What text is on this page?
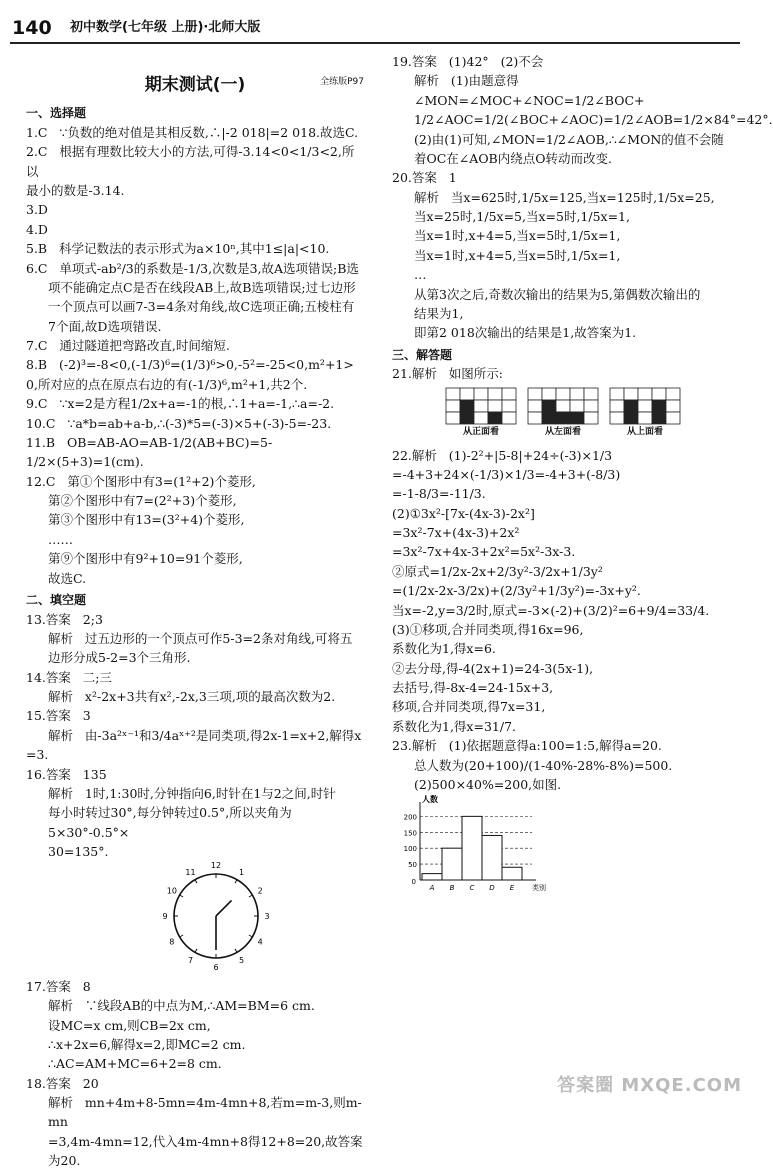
140 初中数学(七年级 上册)·北师大版
期末测试(一)	全练版P97
一、选择题
1.C   ∵负数的绝对值是其相反数,∴|-2 018|=2 018.故选C.
2.C   根据有理数比较大小的方法,可得-3.14<0<1/3<2,所以
最小的数是-3.14.
3.D
4.D
5.B   科学记数法的表示形式为a×10ⁿ,其中1≤|a|<10.
6.C   单项式-ab²/3的系数是-1/3,次数是3,故A选项错误;B选
项不能确定点C是否在线段AB上,故B选项错误;过七边形
一个顶点可以画7-3=4条对角线,故C选项正确;五棱柱有
7个面,故D选项错误.
7.C   通过隧道把弯路改直,时间缩短.
8.B   (-2)³=-8<0,(-1/3)⁶=(1/3)⁶>0,-5²=-25<0,m²+1>
0,所对应的点在原点右边的有(-1/3)⁶,m²+1,共2个.
9.C   ∵x=2是方程1/2x+a=-1的根,∴1+a=-1,∴a=-2.
10.C   ∵a*b=ab+a-b,∴(-3)*5=(-3)×5+(-3)-5=-23.
11.B   OB=AB-AO=AB-1/2(AB+BC)=5-1/2×(5+3)=1(cm).
12.C   第①个图形中有3=(1²+2)个菱形,
第②个图形中有7=(2²+3)个菱形,
第③个图形中有13=(3²+4)个菱形,
……
第⑨个图形中有9²+10=91个菱形,
故选C.
二、填空题
13.答案   2;3
解析   过五边形的一个顶点可作5-3=2条对角线,可将五
边形分成5-2=3个三角形.
14.答案   二;三
解析   x²-2x+3共有x²,-2x,3三项,项的最高次数为2.
15.答案   3
解析   由-3a²ˣ⁻¹和3/4aˣ⁺²是同类项,得2x-1=x+2,解得x
=3.
16.答案   135
解析   1时,1:30时,分钟指向6,时针在1与2之间,时针
每小时转过30°,每分钟转过0.5°,所以夹角为5×30°-0.5°×
30=135°.
12
1
2
3
4
5
6
7
8
9
10
11
17.答案   8
解析   ∵线段AB的中点为M,∴AM=BM=6 cm.
设MC=x cm,则CB=2x cm,
∴x+2x=6,解得x=2,即MC=2 cm.
∴AC=AM+MC=6+2=8 cm.
18.答案   20
解析   mn+4m+8-5mn=4m-4mn+8,若m=m-3,则m-mn
=3,4m-4mn=12,代入4m-4mn+8得12+8=20,故答案
为20.
19.答案   (1)42°   (2)不会
解析   (1)由题意得∠MON=∠MOC+∠NOC=1/2∠BOC+
1/2∠AOC=1/2(∠BOC+∠AOC)=1/2∠AOB=1/2×84°=42°.
(2)由(1)可知,∠MON=1/2∠AOB,∴∠MON的值不会随
着OC在∠AOB内绕点O转动而改变.
20.答案   1
解析   当x=625时,1/5x=125,当x=125时,1/5x=25,
当x=25时,1/5x=5,当x=5时,1/5x=1,
当x=1时,x+4=5,当x=5时,1/5x=1,
当x=1时,x+4=5,当x=5时,1/5x=1,
…
从第3次之后,奇数次输出的结果为5,第偶数次输出的
结果为1,
即第2 018次输出的结果是1,故答案为1.
三、解答题
21.解析   如图所示:
从正面看	从左面看	从上面看
22.解析   (1)-2²+|5-8|+24÷(-3)×1/3
=-4+3+24×(-1/3)×1/3=-4+3+(-8/3)
=-1-8/3=-11/3.
(2)①3x²-[7x-(4x-3)-2x²]
=3x²-7x+(4x-3)+2x²
=3x²-7x+4x-3+2x²=5x²-3x-3.
②原式=1/2x-2x+2/3y²-3/2x+1/3y²
=(1/2x-2x-3/2x)+(2/3y²+1/3y²)=-3x+y².
当x=-2,y=3/2时,原式=-3×(-2)+(3/2)²=6+9/4=33/4.
(3)①移项,合并同类项,得16x=96,
系数化为1,得x=6.
②去分母,得-4(2x+1)=24-3(5x-1),
去括号,得-8x-4=24-15x+3,
移项,合并同类项,得7x=31,
系数化为1,得x=31/7.
23.解析   (1)依据题意得a:100=1:5,解得a=20.
总人数为(20+100)/(1-40%-28%-8%)=500.
(2)500×40%=200,如图.
50
100
150
200
A B C D E
人数
类别
0
答案圈 MXQE.COM
